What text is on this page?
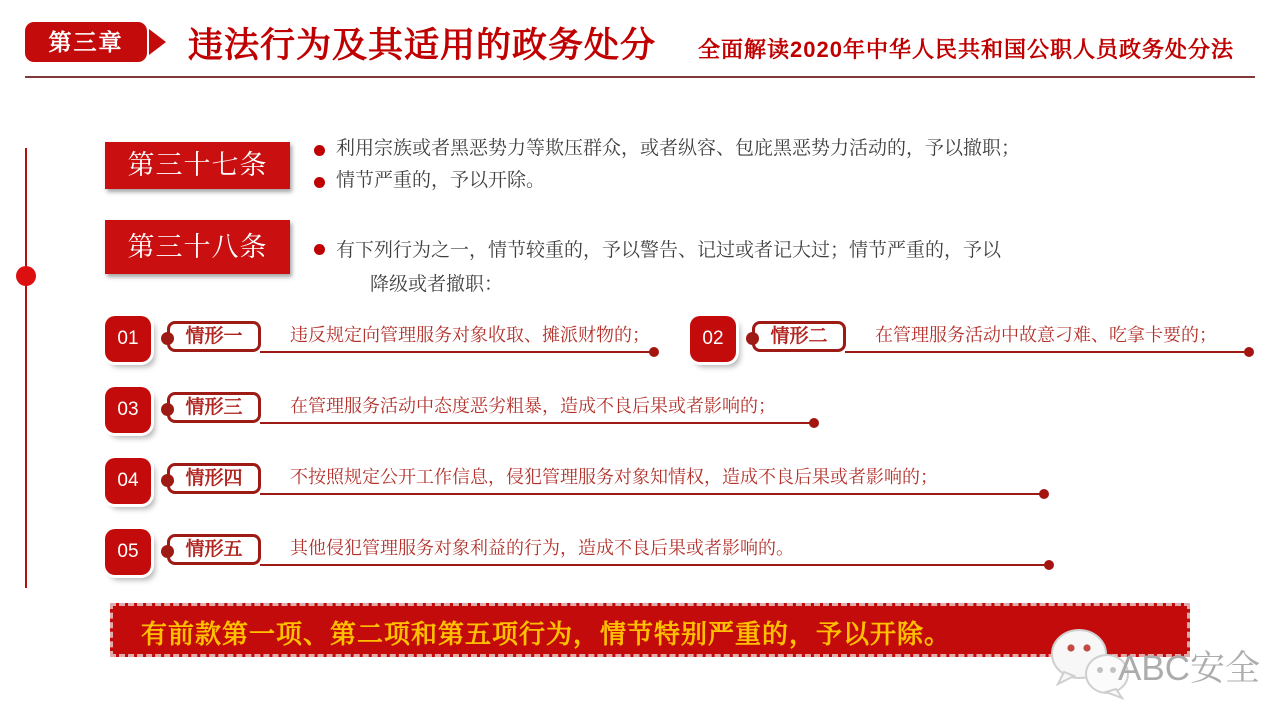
第三章	违法行为及其适用的政务处分 全面解读2020年中华人民共和国公职人员政务处分法
第三十七条
利用宗族或者黑恶势力等欺压群众，或者纵容、包庇黑恶势力活动的，予以撤职；
情节严重的，予以开除。
第三十八条	有下列行为之一，情节较重的，予以警告、记过或者记大过；情节严重的，予以
降级或者撤职：
01	情形一	违反规定向管理服务对象收取、摊派财物的；	02	情形二	在管理服务活动中故意刁难、吃拿卡要的；
03	情形三	在管理服务活动中态度恶劣粗暴，造成不良后果或者影响的；
04	情形四	不按照规定公开工作信息，侵犯管理服务对象知情权，造成不良后果或者影响的；
05	情形五	其他侵犯管理服务对象利益的行为，造成不良后果或者影响的。
有前款第一项、第二项和第五项行为，情节特别严重的，予以开除。
ABC安全
